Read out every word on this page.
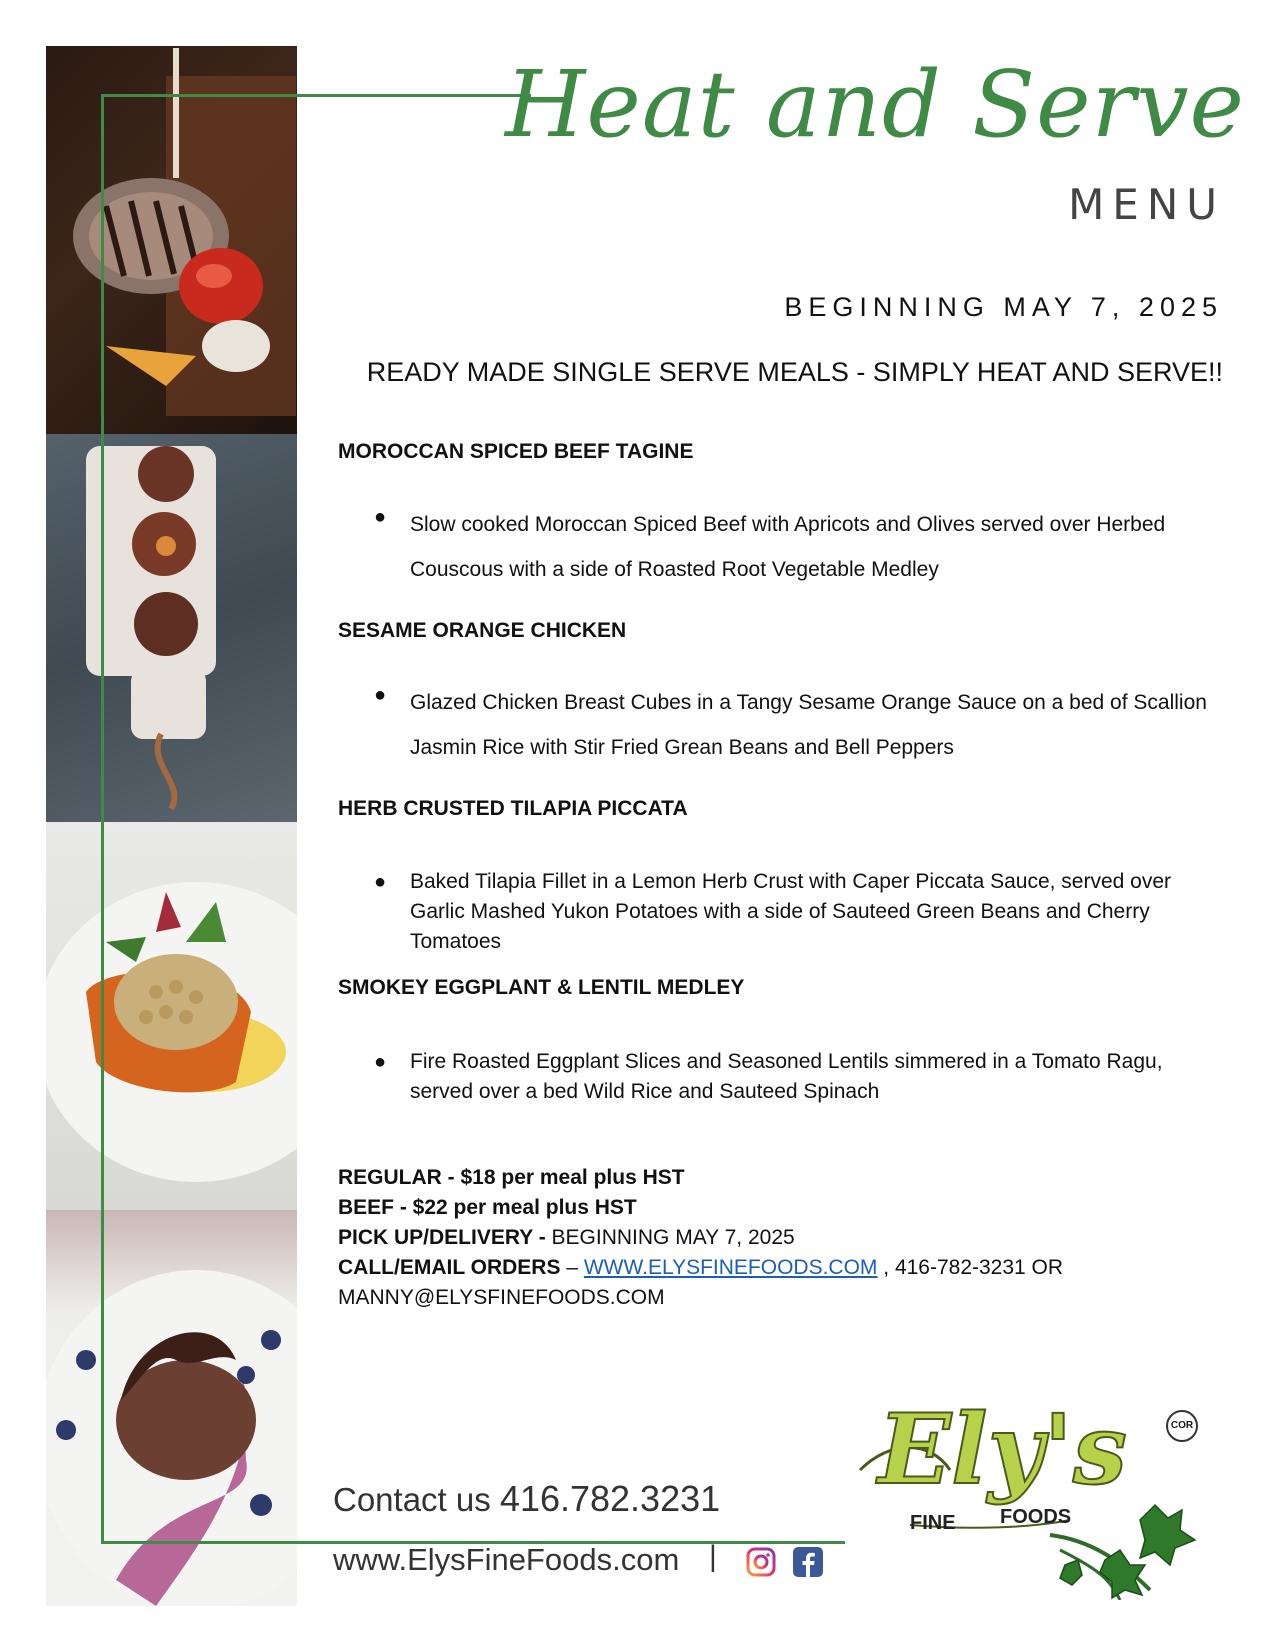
Heat and Serve
MENU
BEGINNING MAY 7, 2025
READY MADE SINGLE SERVE MEALS - SIMPLY HEAT AND SERVE!!
MOROCCAN SPICED BEEF TAGINE
● Slow cooked Moroccan Spiced Beef with Apricots and Olives served over Herbed
Couscous with a side of Roasted Root Vegetable Medley
SESAME ORANGE CHICKEN
● Glazed Chicken Breast Cubes in a Tangy Sesame Orange Sauce on a bed of Scallion
Jasmin Rice with Stir Fried Grean Beans and Bell Peppers
HERB CRUSTED TILAPIA PICCATA
● Baked Tilapia Fillet in a Lemon Herb Crust with Caper Piccata Sauce, served over
Garlic Mashed Yukon Potatoes with a side of Sauteed Green Beans and Cherry
Tomatoes
SMOKEY EGGPLANT & LENTIL MEDLEY
● Fire Roasted Eggplant Slices and Seasoned Lentils simmered in a Tomato Ragu,
served over a bed Wild Rice and Sauteed Spinach
REGULAR - $18 per meal plus HST
BEEF - $22 per meal plus HST
PICK UP/DELIVERY - BEGINNING MAY 7, 2025
CALL/EMAIL ORDERS – WWW.ELYSFINEFOODS.COM , 416-782-3231 OR
MANNY@ELYSFINEFOODS.COM
Contact us 416.782.3231
www.ElysFineFoods.com |
Ely's
FINE FOODS
COR
